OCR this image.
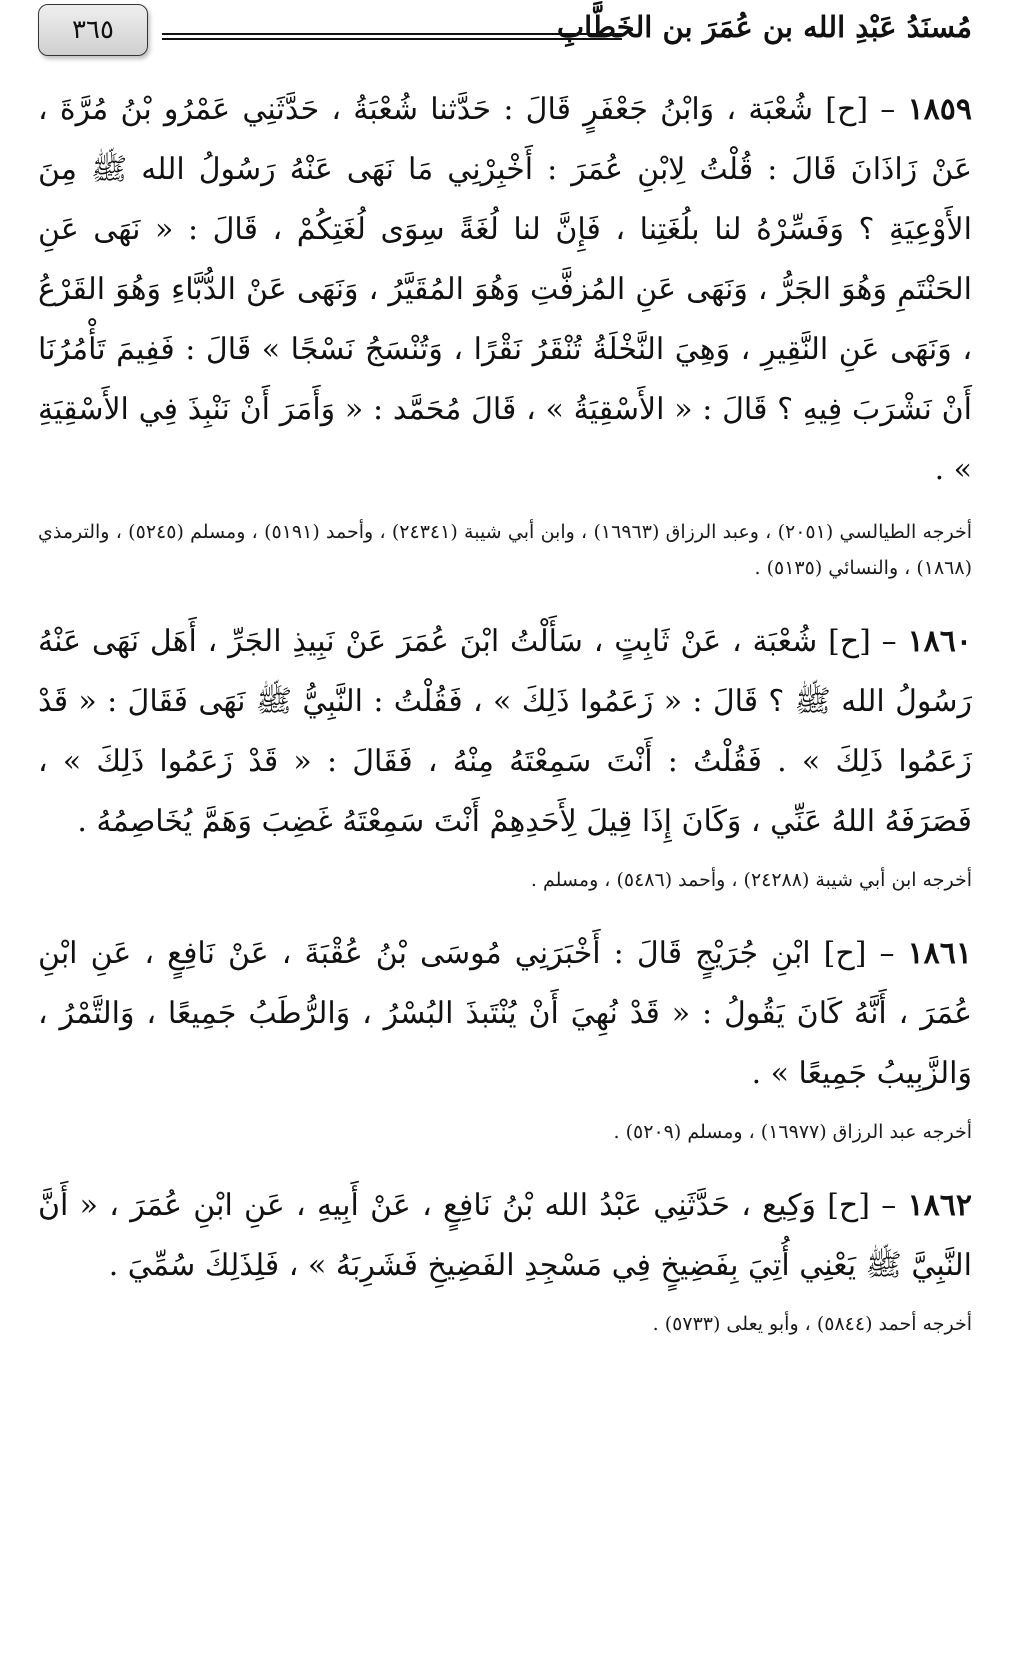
٣٦٥	مُسنَدُ عَبْدِ الله بن عُمَرَ بن الخَطَّابِ

١٨٥٩ – [ح] شُعْبَة ، وَابْنُ جَعْفَرٍ قَالَ : حَدَّثنا شُعْبَةُ ، حَدَّثَنِي عَمْرُو بْنُ مُرَّةَ ، عَنْ زَاذَانَ قَالَ : قُلْتُ لِابْنِ عُمَرَ : أَخْبِرْنِي مَا نَهَى عَنْهُ رَسُولُ الله ﷺ مِنَ الأَوْعِيَةِ ؟ وَفَسِّرْهُ لنا بلُغَتِنا ، فَإِنَّ لنا لُغَةً سِوَى لُغَتِكُمْ ، قَالَ : « نَهَى عَنِ الحَنْتَمِ وَهُوَ الجَرُّ ، وَنَهَى عَنِ المُزفَّتِ وَهُوَ المُقَيَّرُ ، وَنَهَى عَنْ الدُّبَّاءِ وَهُوَ القَرْعُ ، وَنَهَى عَنِ النَّقِيرِ ، وَهِيَ النَّخْلَةُ تُنْقَرُ نَقْرًا ، وَتُنْسَجُ نَسْجًا » قَالَ : فَفِيمَ تَأْمُرُنَا أَنْ نَشْرَبَ فِيهِ ؟ قَالَ : « الأَسْقِيَةُ » ، قَالَ مُحَمَّد : « وَأَمَرَ أَنْ نَنْبِذَ فِي الأَسْقِيَةِ » .

أخرجه الطيالسي (٢٠٥١) ، وعبد الرزاق (١٦٩٦٣) ، وابن أبي شيبة (٢٤٣٤١) ، وأحمد (٥١٩١) ، ومسلم (٥٢٤٥) ، والترمذي (١٨٦٨) ، والنسائي (٥١٣٥) .

١٨٦٠ – [ح] شُعْبَة ، عَنْ ثَابِتٍ ، سَأَلْتُ ابْنَ عُمَرَ عَنْ نَبِيذِ الجَرِّ ، أَهَل نَهَى عَنْهُ رَسُولُ الله ﷺ ؟ قَالَ : « زَعَمُوا ذَلِكَ » ، فَقُلْتُ : النَّبِيُّ ﷺ نَهَى فَقَالَ : « قَدْ زَعَمُوا ذَلِكَ » . فَقُلْتُ : أَنْتَ سَمِعْتَهُ مِنْهُ ، فَقَالَ : « قَدْ زَعَمُوا ذَلِكَ » ، فَصَرَفَهُ اللهُ عَنِّي ، وَكَانَ إِذَا قِيلَ لِأَحَدِهِمْ أَنْتَ سَمِعْتَهُ غَضِبَ وَهَمَّ يُخَاصِمُهُ .

أخرجه ابن أبي شيبة (٢٤٢٨٨) ، وأحمد (٥٤٨٦) ، ومسلم .

١٨٦١ – [ح] ابْنِ جُرَيْجٍ قَالَ : أَخْبَرَنِي مُوسَى بْنُ عُقْبَةَ ، عَنْ نَافِعٍ ، عَنِ ابْنِ عُمَرَ ، أَنَّهُ كَانَ يَقُولُ : « قَدْ نُهِيَ أَنْ يُنْتَبذَ البُسْرُ ، وَالرُّطَبُ جَمِيعًا ، وَالتَّمْرُ ، وَالزَّبِيبُ جَمِيعًا » .

أخرجه عبد الرزاق (١٦٩٧٧) ، ومسلم (٥٢٠٩) .

١٨٦٢ – [ح] وَكِيع ، حَدَّثَنِي عَبْدُ الله بْنُ نَافِعٍ ، عَنْ أَبِيهِ ، عَنِ ابْنِ عُمَرَ ، « أَنَّ النَّبِيَّ ﷺ يَعْنِي أُتِيَ بِفَضِيخٍ فِي مَسْجِدِ الفَضِيخِ فَشَرِبَهُ » ، فَلِذَلِكَ سُمِّيَ .

أخرجه أحمد (٥٨٤٤) ، وأبو يعلى (٥٧٣٣) .
